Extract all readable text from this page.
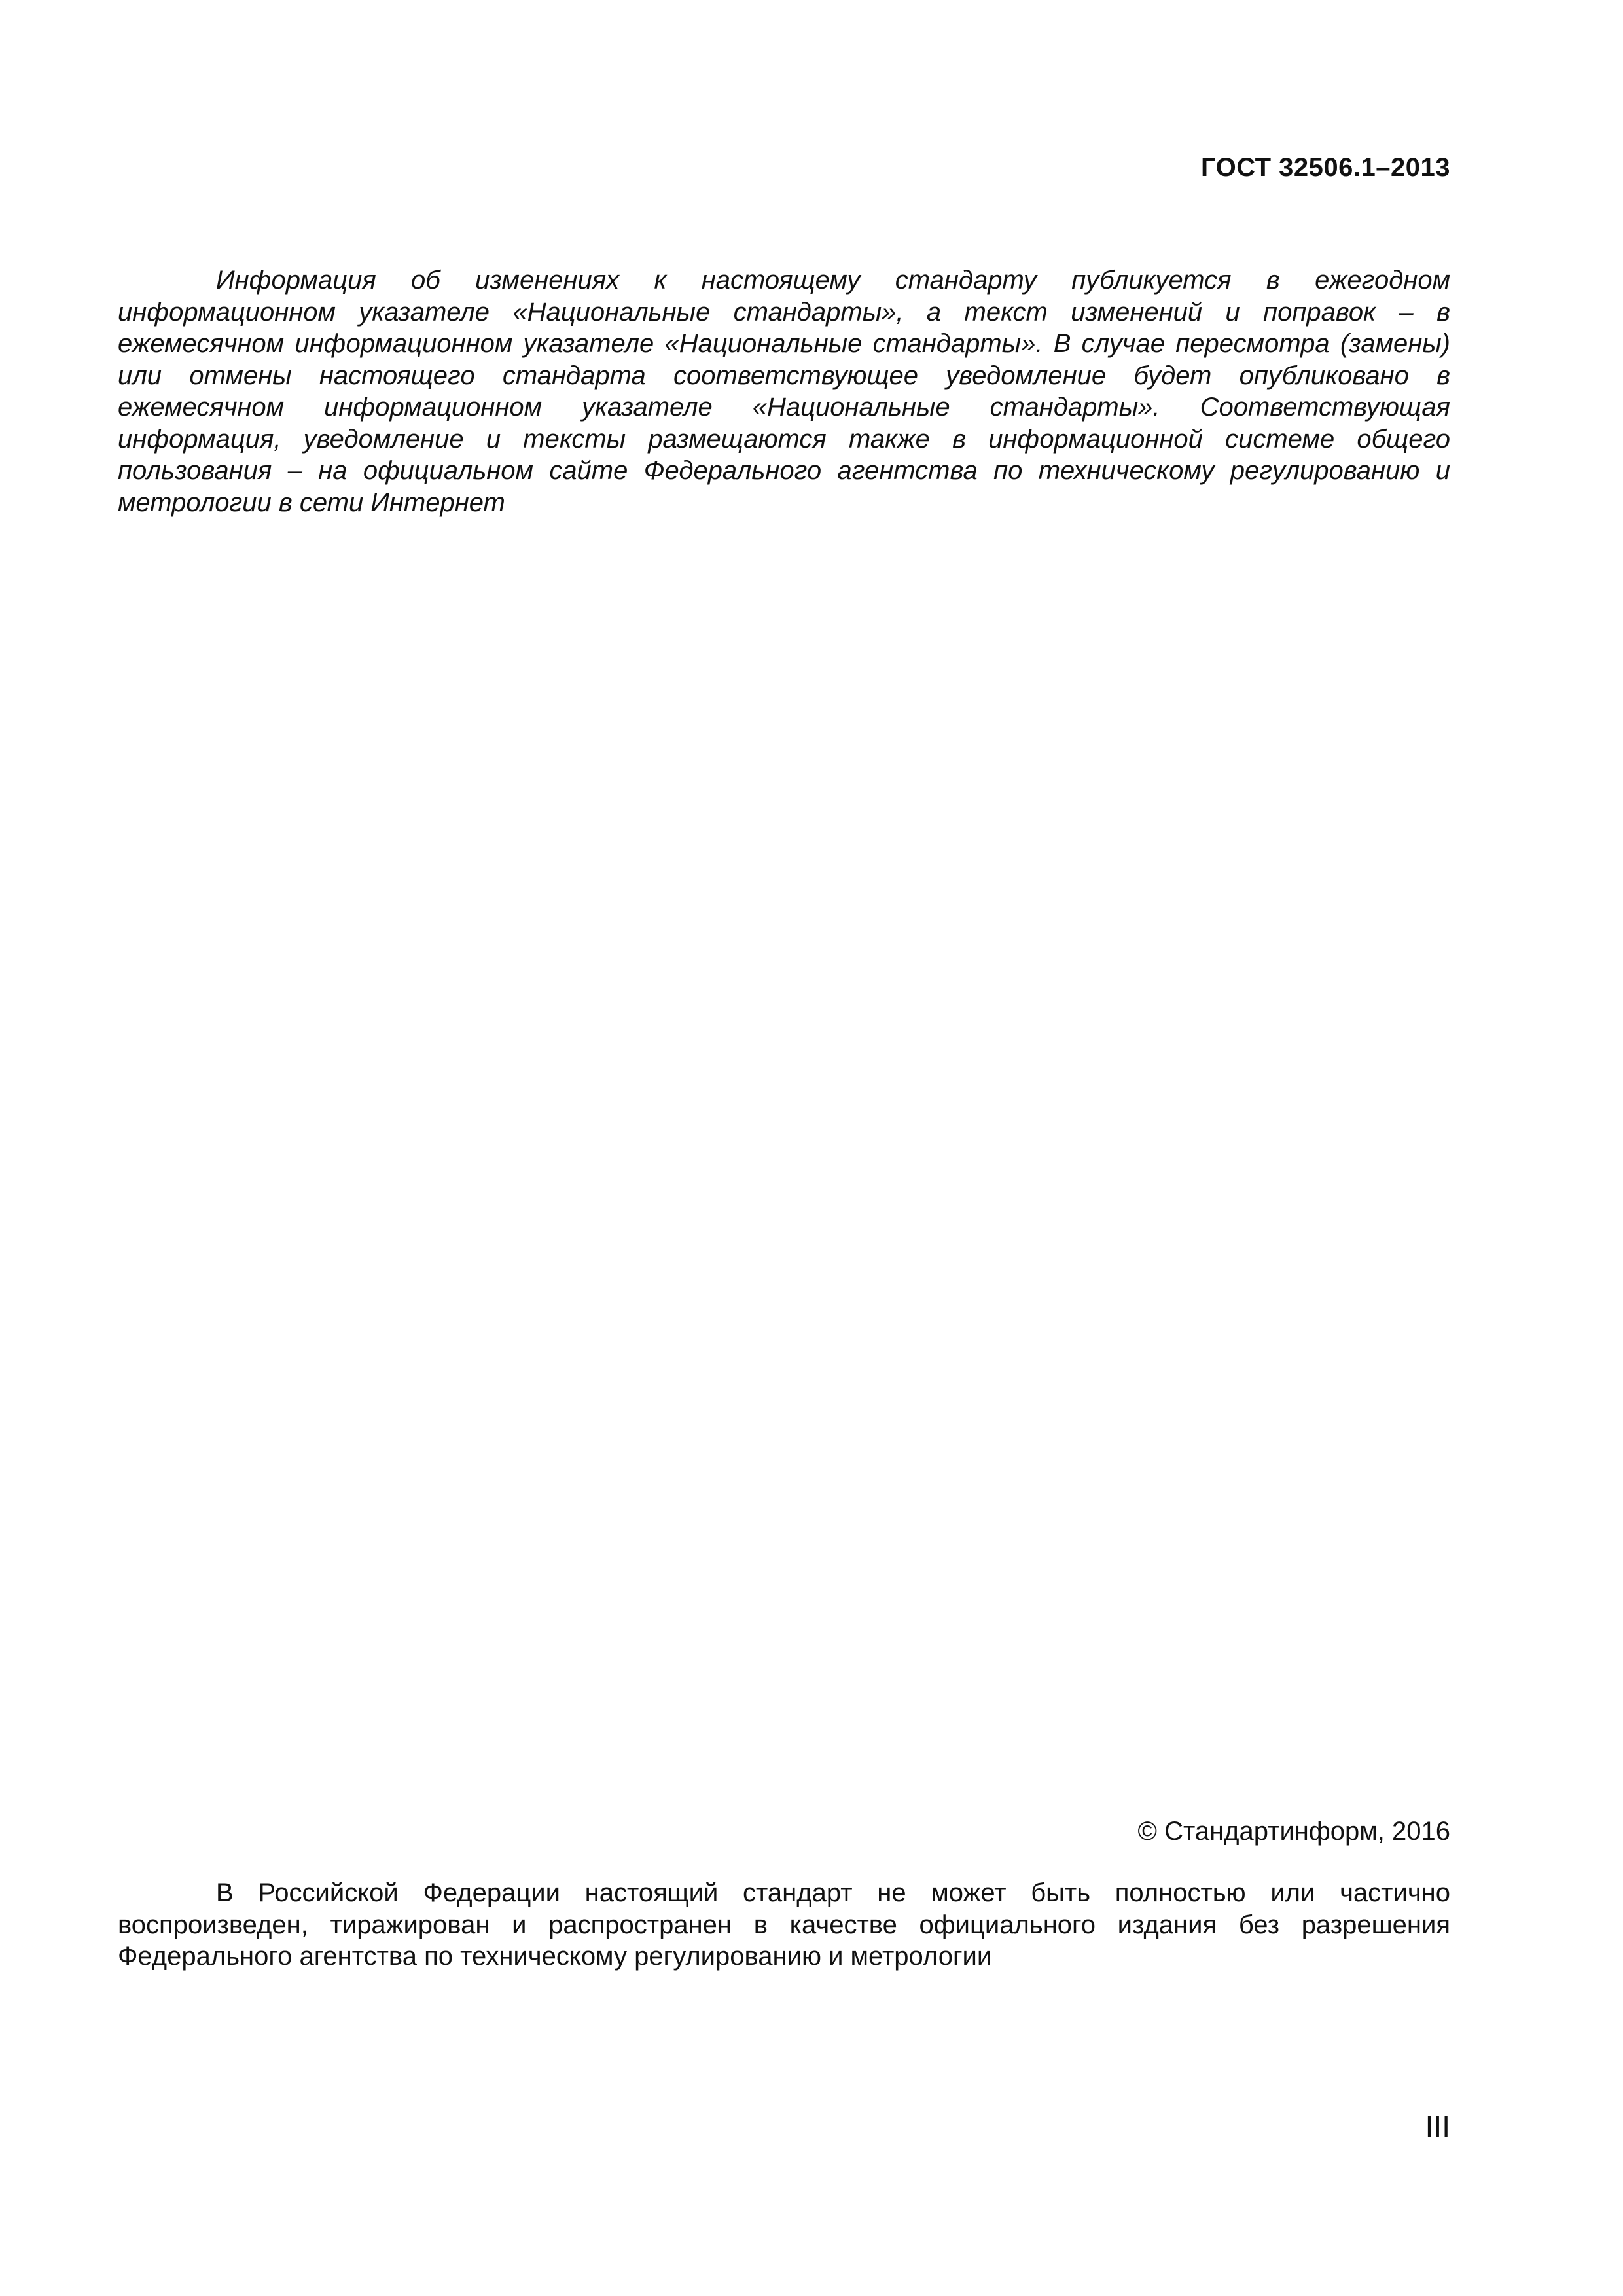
ГОСТ 32506.1–2013

Информация об изменениях к настоящему стандарту публикуется в ежегодном информационном указателе «Национальные стандарты», а текст изменений и поправок – в ежемесячном информационном указателе «Национальные стандарты». В случае пересмотра (замены) или отмены настоящего стандарта соответствующее уведомление будет опубликовано в ежемесячном информационном указателе «Национальные стандарты». Соответствующая информация, уведомление и тексты размещаются также в информационной системе общего пользования – на официальном сайте Федерального агентства по техническому регулированию и метрологии в сети Интернет

© Стандартинформ, 2016

В Российской Федерации настоящий стандарт не может быть полностью или частично воспроизведен, тиражирован и распространен в качестве официального издания без разрешения Федерального агентства по техническому регулированию и метрологии

III
